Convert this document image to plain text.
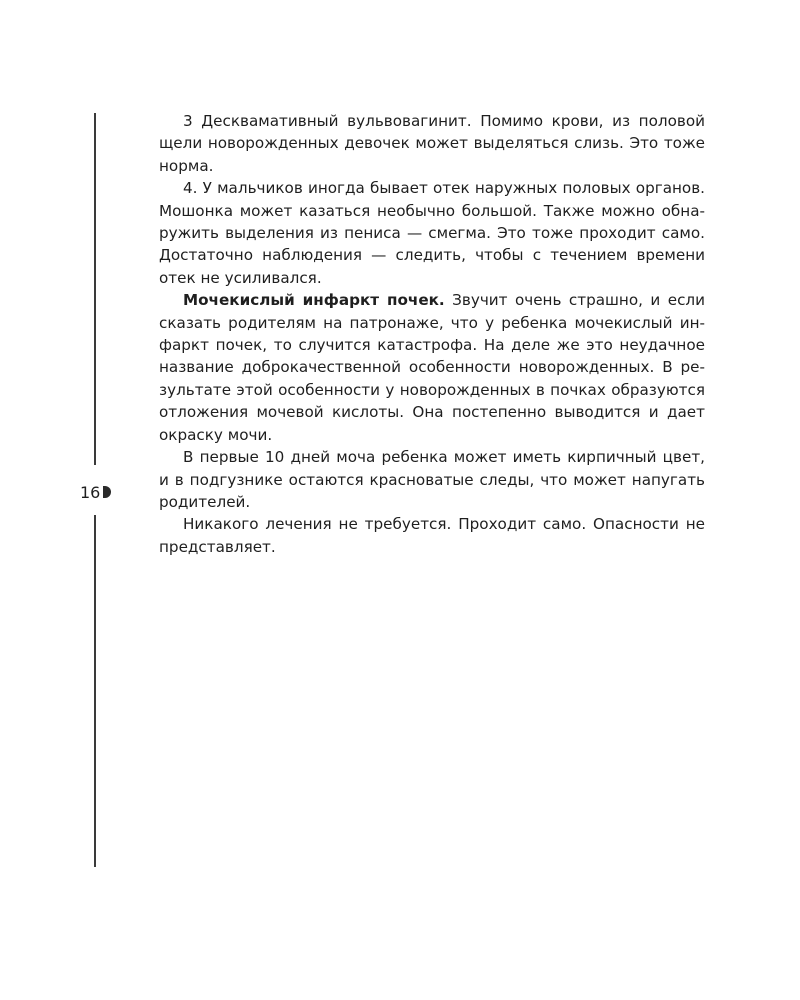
16

3 Десквамативный вульвовагинит. Помимо крови, из половой щели новорожденных девочек может выделяться слизь. Это тоже норма.

4. У мальчиков иногда бывает отек наружных половых органов. Мошонка может казаться необычно большой. Также можно обнаружить выделения из пениса — смегма. Это тоже проходит само. Достаточно наблюдения — следить, чтобы с течением времени отек не усиливался.

Мочекислый инфаркт почек. Звучит очень страшно, и если сказать родителям на патронаже, что у ребенка мочекислый инфаркт почек, то случится катастрофа. На деле же это неудачное название доброкачественной особенности новорожденных. В результате этой особенности у новорожденных в почках образуются отложения мочевой кислоты. Она постепенно выводится и дает окраску мочи.

В первые 10 дней моча ребенка может иметь кирпичный цвет, и в подгузнике остаются красноватые следы, что может напугать родителей.

Никакого лечения не требуется. Проходит само. Опасности не представляет.
